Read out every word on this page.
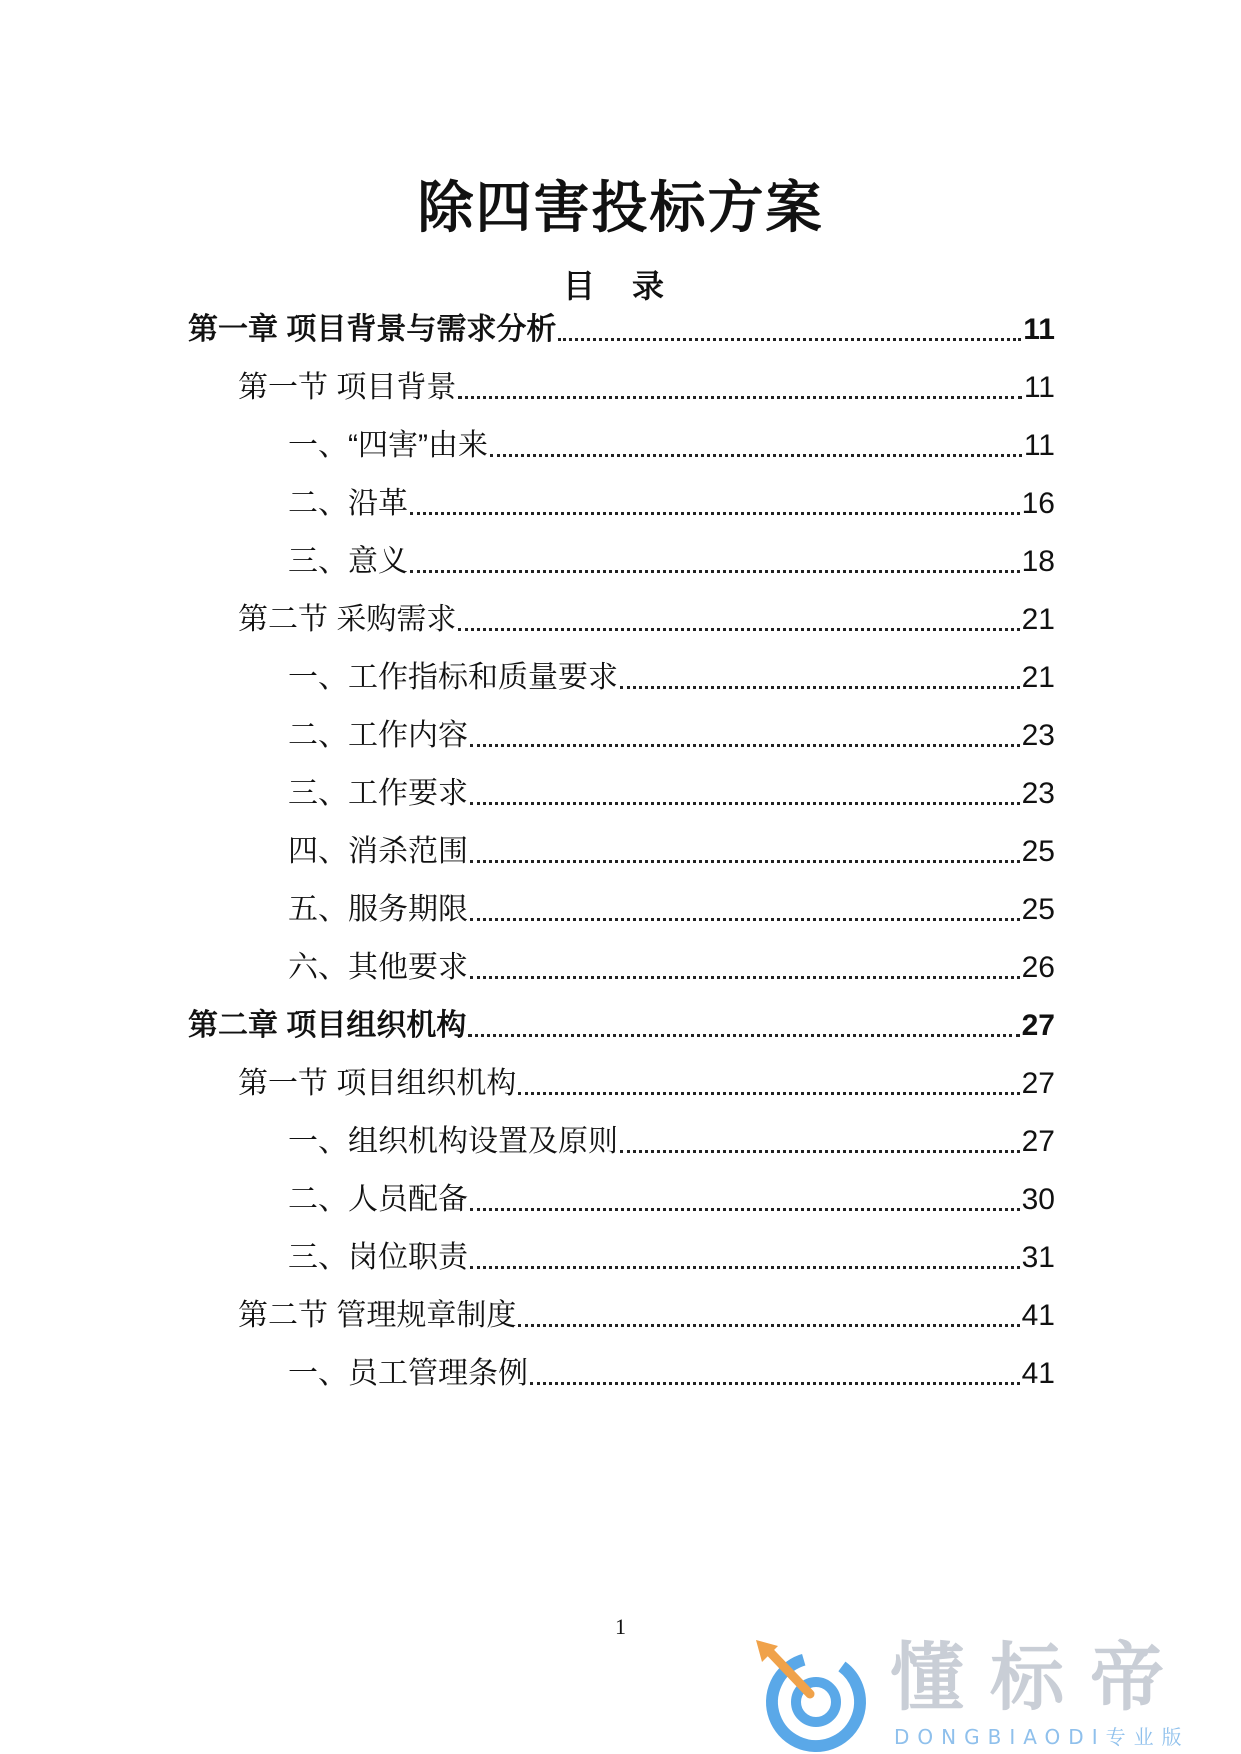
除四害投标方案
目 录
第一章 项目背景与需求分析	11
第一节 项目背景	11
一、“四害”由来	11
二、沿革	16
三、意义	18
第二节 采购需求	21
一、工作指标和质量要求	21
二、工作内容	23
三、工作要求	23
四、消杀范围	25
五、服务期限	25
六、其他要求	26
第二章 项目组织机构	27
第一节 项目组织机构	27
一、组织机构设置及原则	27
二、人员配备	30
三、岗位职责	31
第二节 管理规章制度	41
一、员工管理条例	41
1
懂标帝
DONGBIAODI专业版
